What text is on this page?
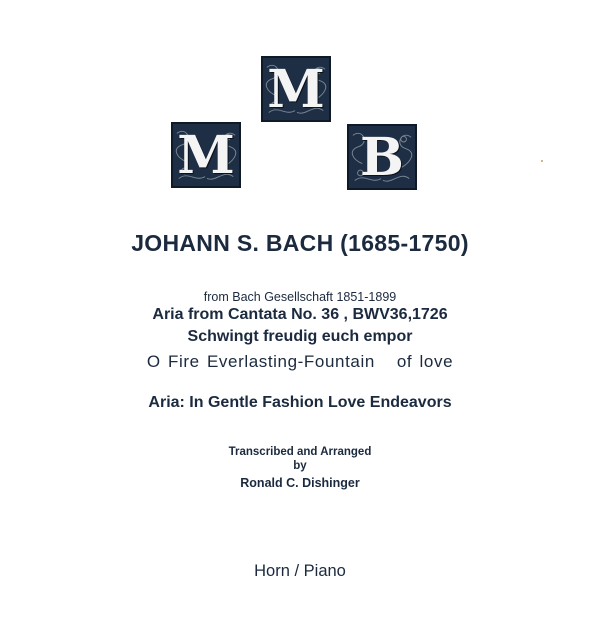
M
M B
JOHANN S. BACH (1685-1750)
from Bach Gesellschaft 1851-1899
Aria from Cantata No. 36 , BWV36,1726
Schwingt freudig euch empor
O Fire Everlasting-Fountain   of love
Aria: In Gentle Fashion Love Endeavors
Transcribed and Arranged
by
Ronald C. Dishinger
Horn / Piano
